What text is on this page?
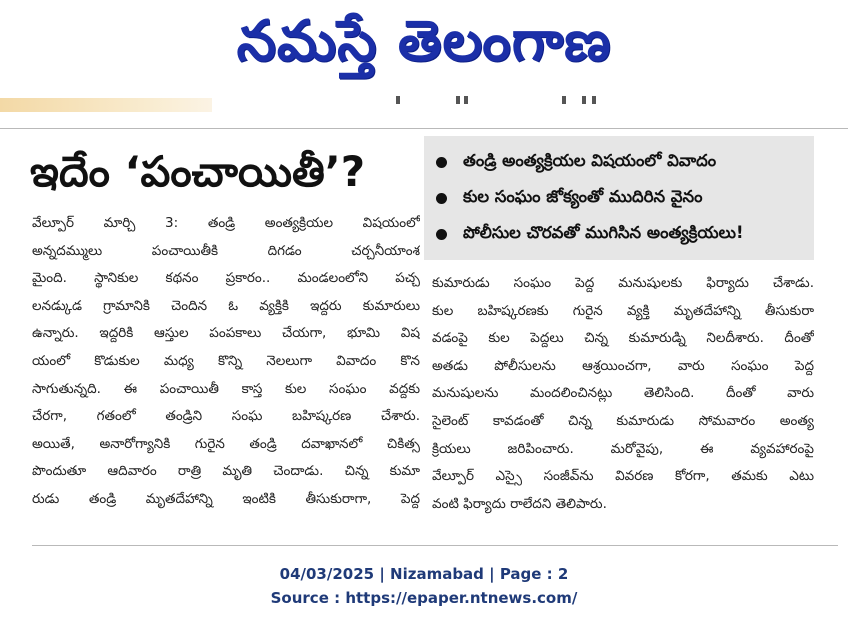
నమస్తే తెలంగాణ
ఇదేం ‘పంచాయితీ’?	తండ్రి అంత్యక్రియల విషయంలో వివాదం
కుల సంఘం జోక్యంతో ముదిరిన వైనం
పోలీసుల చొరవతో ముగిసిన అంత్యక్రియలు!
వేల్పూర్ మార్చి 3: తండ్రి అంత్యక్రియల విషయంలో
అన్నదమ్ములు పంచాయితీకి దిగడం చర్చనీయాంశ
మైంది. స్థానికుల కథనం ప్రకారం.. మండలంలోని పచ్చ
లనడ్కుడ గ్రామానికి చెందిన ఓ వ్యక్తికి ఇద్దరు కుమారులు
ఉన్నారు. ఇద్దరికి ఆస్తుల పంపకాలు చేయగా, భూమి విష
యంలో కొడుకుల మధ్య కొన్ని నెలలుగా వివాదం కొన
సాగుతున్నది. ఈ పంచాయితీ కాస్త కుల సంఘం వద్దకు
చేరగా, గతంలో తండ్రిని సంఘ బహిష్కరణ చేశారు.
అయితే, అనారోగ్యానికి గురైన తండ్రి దవాఖానలో చికిత్స
పొందుతూ ఆదివారం రాత్రి మృతి చెందాడు. చిన్న కుమా
రుడు తండ్రి మృతదేహాన్ని ఇంటికి తీసుకురాగా, పెద్ద
కుమారుడు సంఘం పెద్ద మనుషులకు ఫిర్యాదు చేశాడు.
కుల బహిష్కరణకు గురైన వ్యక్తి మృతదేహాన్ని తీసుకురా
వడంపై కుల పెద్దలు చిన్న కుమారుడ్ని నిలదీశారు. దీంతో
అతడు పోలీసులను ఆశ్రయించగా, వారు సంఘం పెద్ద
మనుషులను మందలించినట్లు తెలిసింది. దీంతో వారు
సైలెంట్ కావడంతో చిన్న కుమారుడు సోమవారం అంత్య
క్రియలు జరిపించారు. మరోవైపు, ఈ వ్యవహారంపై
వేల్పూర్ ఎస్సై సంజీవ్‌ను వివరణ కోరగా, తమకు ఎటు
వంటి ఫిర్యాదు రాలేదని తెలిపారు.
04/03/2025 | Nizamabad | Page : 2
Source : https://epaper.ntnews.com/
